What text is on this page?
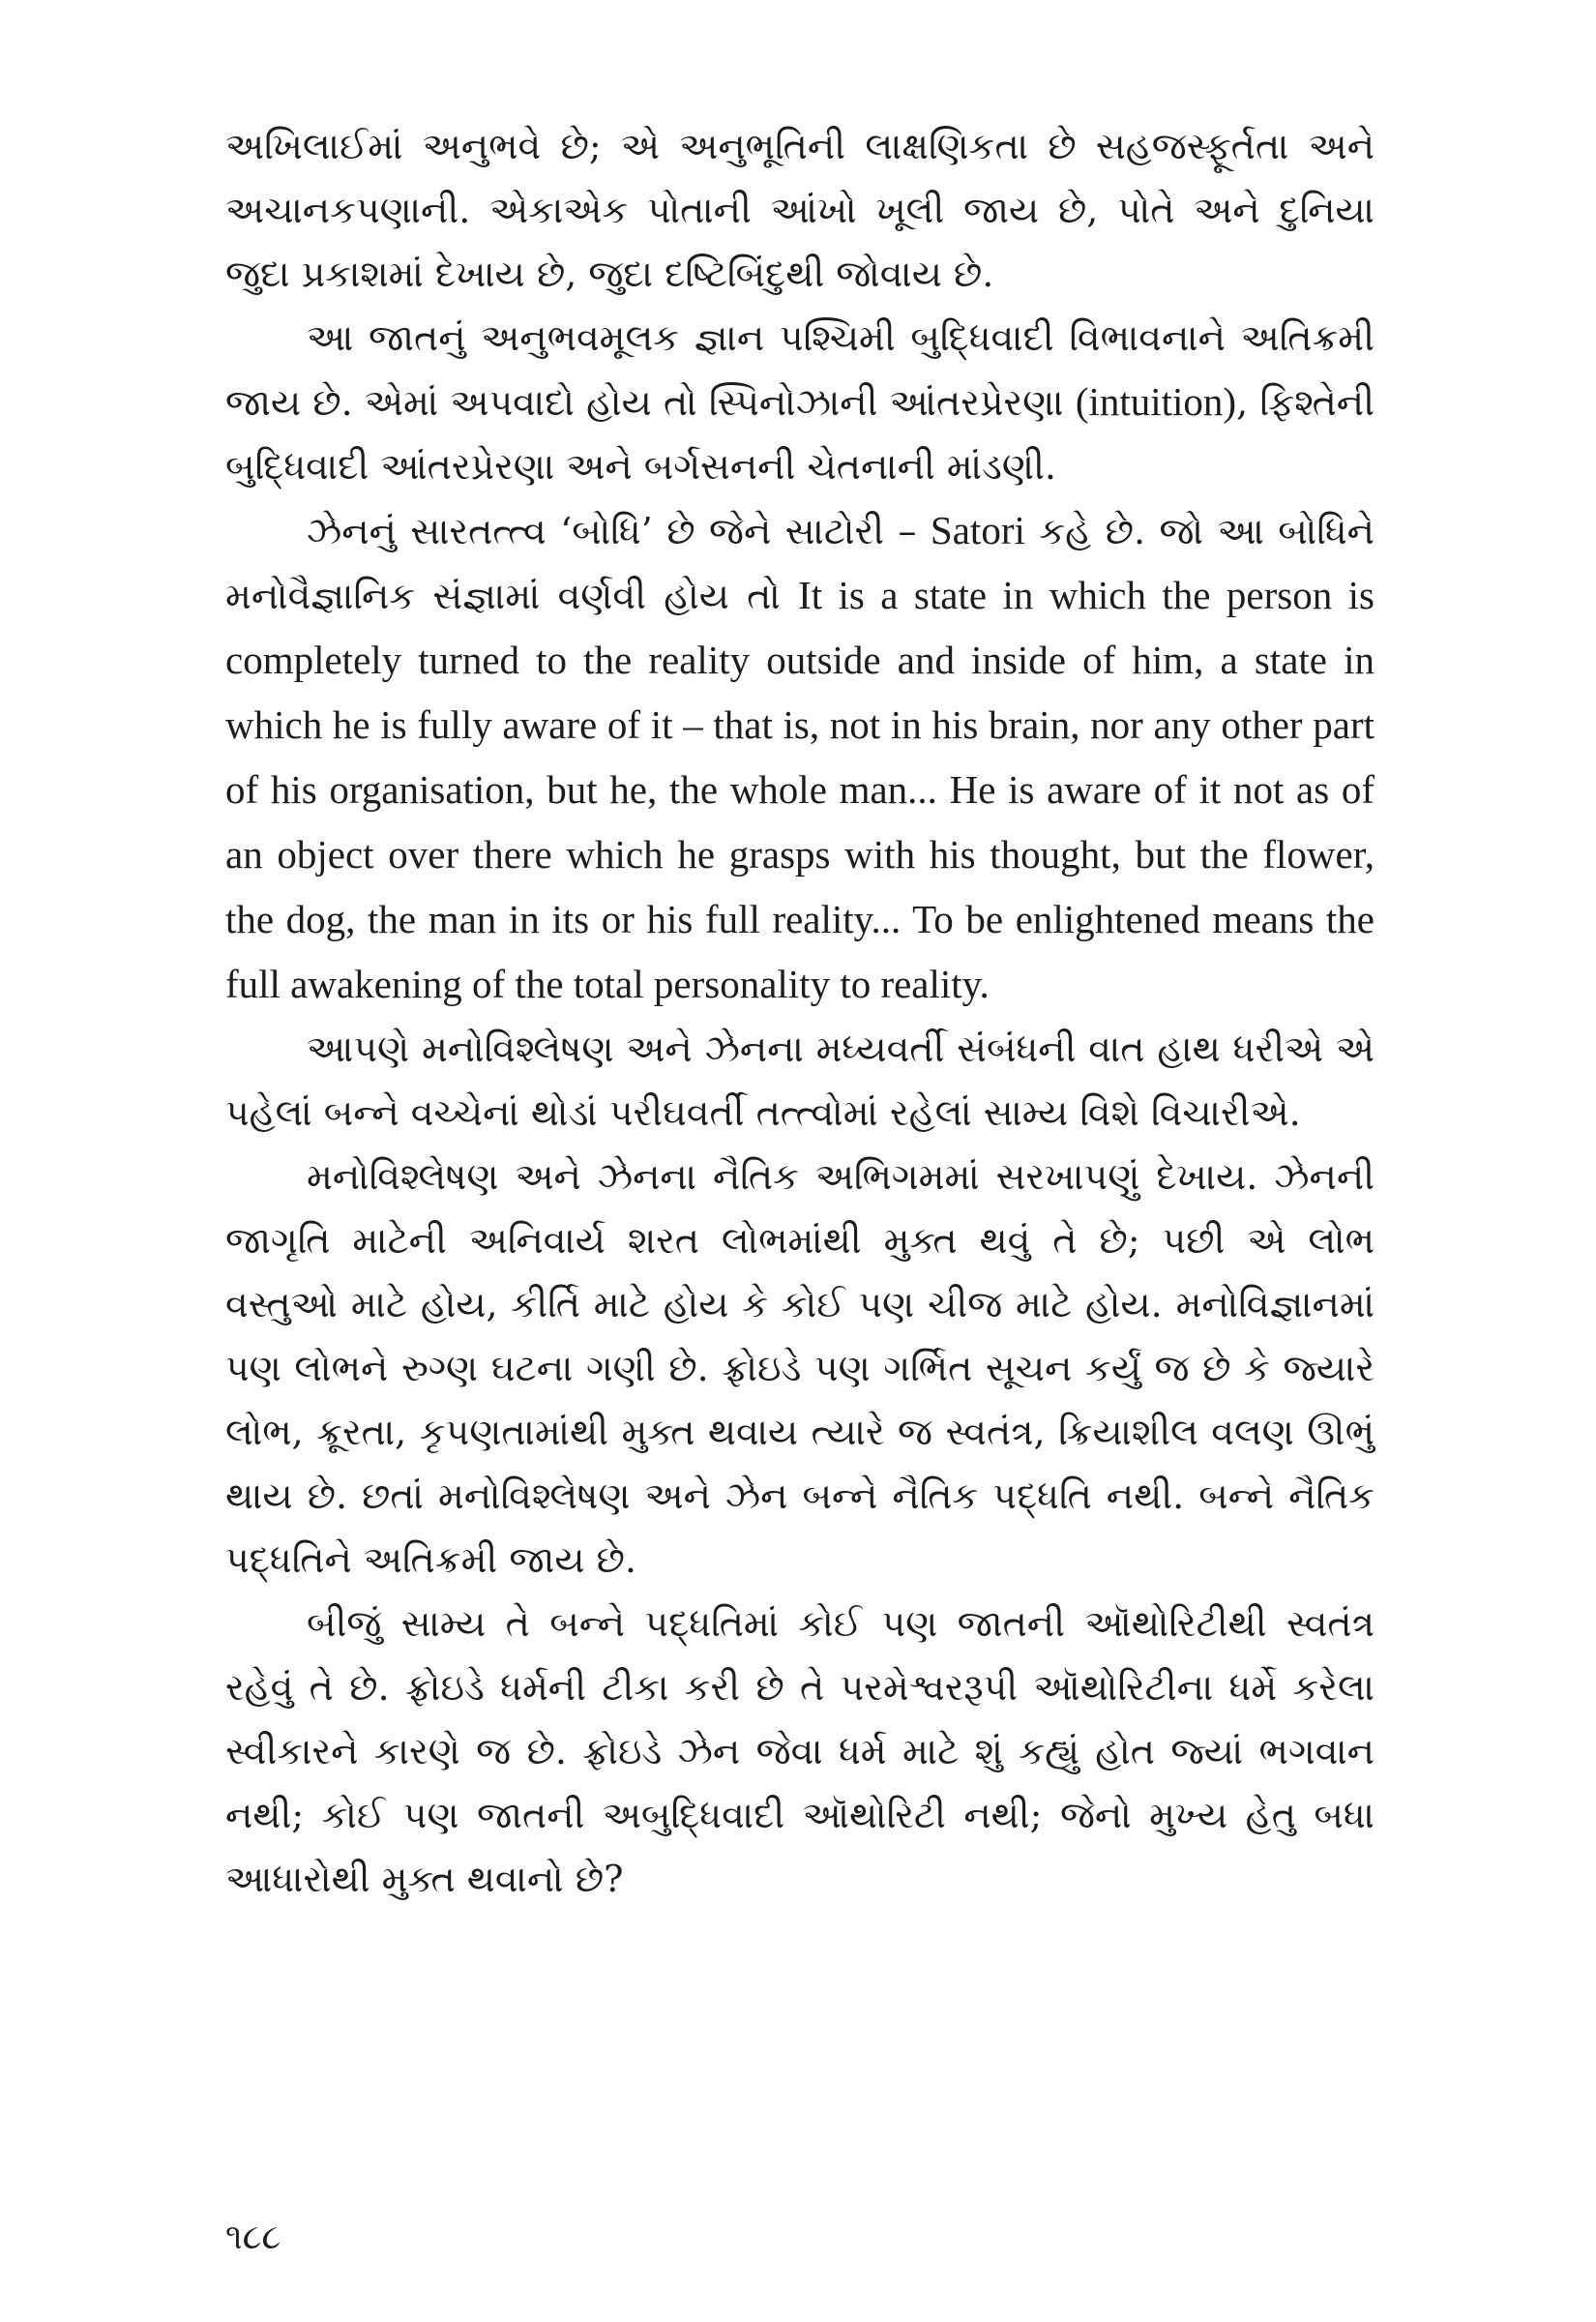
અખિલાઈમાં અનુભવે છે; એ અનુભૂતિની લાક્ષણિકતા છે સહજસ્ફૂર્તતા અને અચાનકપણાની. એકાએક પોતાની આંખો ખૂલી જાય છે, પોતે અને દુનિયા જુદા પ્રકાશમાં દેખાય છે, જુદા દષ્ટિબિંદુથી જોવાય છે.

આ જાતનું અનુભવમૂલક જ્ઞાન પશ્ચિમી બુદ્ધિવાદી વિભાવનાને અતિક્રમી જાય છે. એમાં અપવાદો હોય તો સ્પિનોઝાની આંતરપ્રેરણા (intuition), ફિશ્તેની બુદ્ધિવાદી આંતરપ્રેરણા અને બર્ગસનની ચેતનાની માંડણી.

ઝેનનું સારતત્ત્વ ‘બોધિ’ છે જેને સાટોરી – Satori કહે છે. જો આ બોધિને મનોવૈજ્ઞાનિક સંજ્ઞામાં વર્ણવી હોય તો It is a state in which the person is completely turned to the reality outside and inside of him, a state in which he is fully aware of it – that is, not in his brain, nor any other part of his organisation, but he, the whole man... He is aware of it not as of an object over there which he grasps with his thought, but the flower, the dog, the man in its or his full reality... To be enlightened means the full awakening of the total personality to reality.

આપણે મનોવિશ્લેષણ અને ઝેનના મધ્યવર્તી સંબંધની વાત હાથ ધરીએ એ પહેલાં બન્ને વચ્ચેનાં થોડાં પરીઘવર્તી તત્ત્વોમાં રહેલાં સામ્ય વિશે વિચારીએ.

મનોવિશ્લેષણ અને ઝેનના નૈતિક અભિગમમાં સરખાપણું દેખાય. ઝેનની જાગૃતિ માટેની અનિવાર્ય શરત લોભમાંથી મુક્ત થવું તે છે; પછી એ લોભ વસ્તુઓ માટે હોય, કીર્તિ માટે હોય કે કોઈ પણ ચીજ માટે હોય. મનોવિજ્ઞાનમાં પણ લોભને રુગ્ણ ઘટના ગણી છે. ફ્રોઇડે પણ ગર્ભિત સૂચન કર્યું જ છે કે જ્યારે લોભ, ક્રૂરતા, કૃપણતામાંથી મુક્ત થવાય ત્યારે જ સ્વતંત્ર, ક્રિયાશીલ વલણ ઊભું થાય છે. છતાં મનોવિશ્લેષણ અને ઝેન બન્ને નૈતિક પદ્ધતિ નથી. બન્ને નૈતિક પદ્ધતિને અતિક્રમી જાય છે.

બીજું સામ્ય તે બન્ને પદ્ધતિમાં કોઈ પણ જાતની ઑથોરિટીથી સ્વતંત્ર રહેવું તે છે. ફ્રોઇડે ધર્મની ટીકા કરી છે તે પરમેશ્વરરૂપી ઑથોરિટીના ધર્મે કરેલા સ્વીકારને કારણે જ છે. ફ્રોઇડે ઝેન જેવા ધર્મ માટે શું કહ્યું હોત જ્યાં ભગવાન નથી; કોઈ પણ જાતની અબુદ્ધિવાદી ઑથોરિટી નથી; જેનો મુખ્ય હેતુ બધા આધારોથી મુક્ત થવાનો છે?

૧૮૮
